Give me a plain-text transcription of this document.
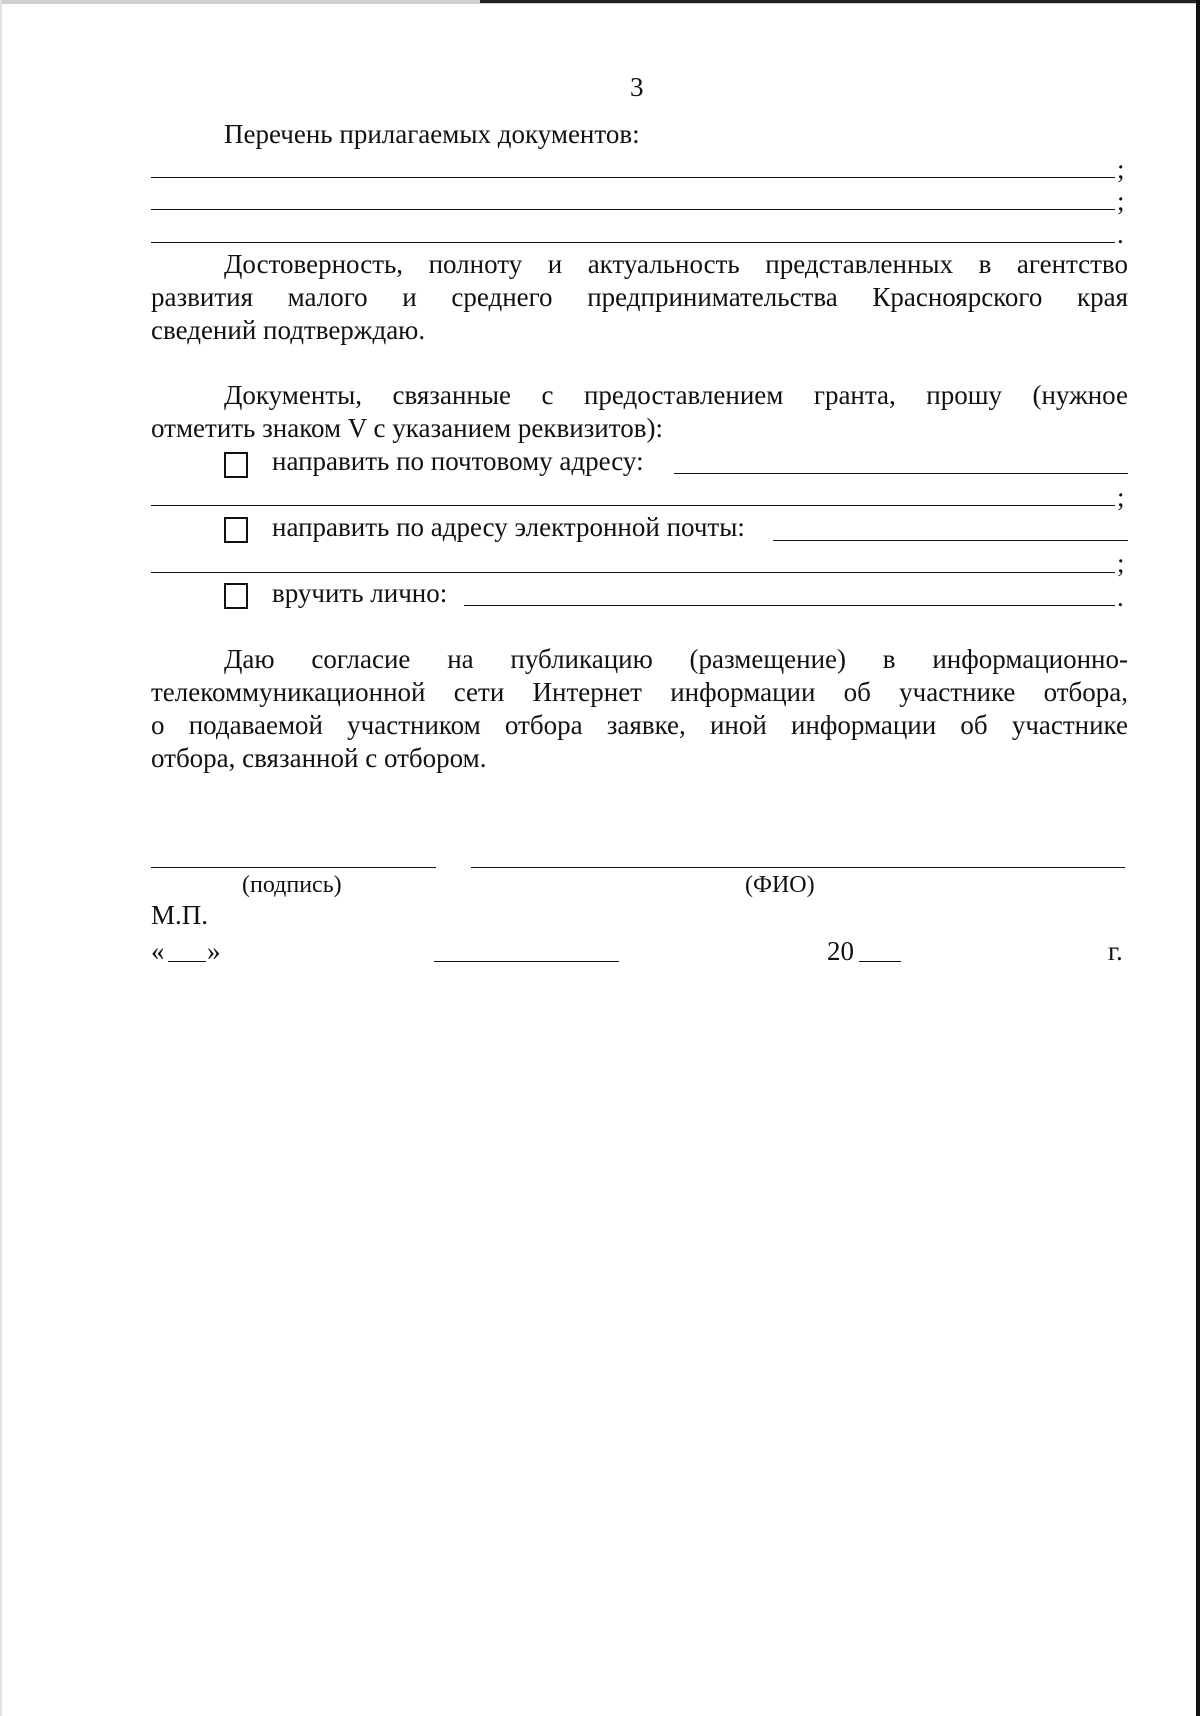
3
Перечень прилагаемых документов:
;
;
.
Достоверность, полноту и актуальность представленных в агентство
развития малого и среднего предпринимательства Красноярского края
сведений подтверждаю.
Документы, связанные с предоставлением гранта, прошу (нужное
отметить знаком V с указанием реквизитов):
направить по почтовому адресу:
;
направить по адресу электронной почты:
;
вручить лично:	.
Даю согласие на публикацию (размещение) в информационно-
телекоммуникационной сети Интернет информации об участнике отбора,
о подаваемой участником отбора заявке, иной информации об участнике
отбора, связанной с отбором.
(подпись)	(ФИО)
М.П.
« »	20	г.
